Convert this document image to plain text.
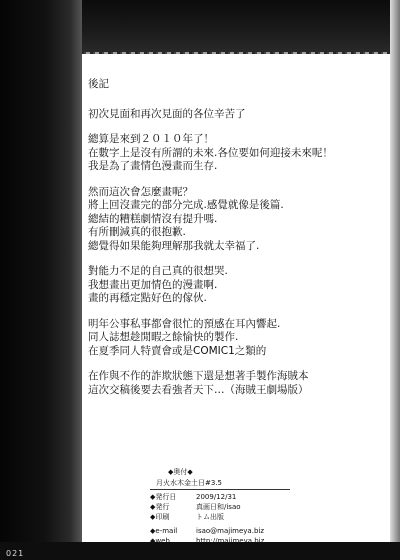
後記
初次見面和再次見面的各位辛苦了
總算是來到２０１０年了！
在數字上是沒有所謂的未來.各位要如何迎接未來呢！
我是為了畫情色漫畫而生存.
然而這次會怎麼畫呢？
將上回沒畫完的部分完成.感覺就像是後篇.
總結的糟糕劇情沒有提升嗎.
有所刪減真的很抱歉.
總覺得如果能夠理解那我就太幸福了.
對能力不足的自己真的很想哭.
我想畫出更加情色的漫畫啊.
畫的再穩定點好色的傢伙.
明年公事私事都會很忙的預感在耳內響起.
同人誌想趁閒暇之餘愉快的製作.
在夏季同人特賣會或是COMIC1之類的
在作與不作的詐欺狀態下還是想著手製作海賊本
這次交稿後要去看強者天下…（海賊王劇場版）
◆奥付◆
月火水木金土日#3.5
◆発行日	2009/12/31
◆発行	真画日和/isao
◆印刷	トム出版
◆e-mail	isao@majimeya.biz
◆web	http://majimeya.biz
禁無断転載・複製
021
